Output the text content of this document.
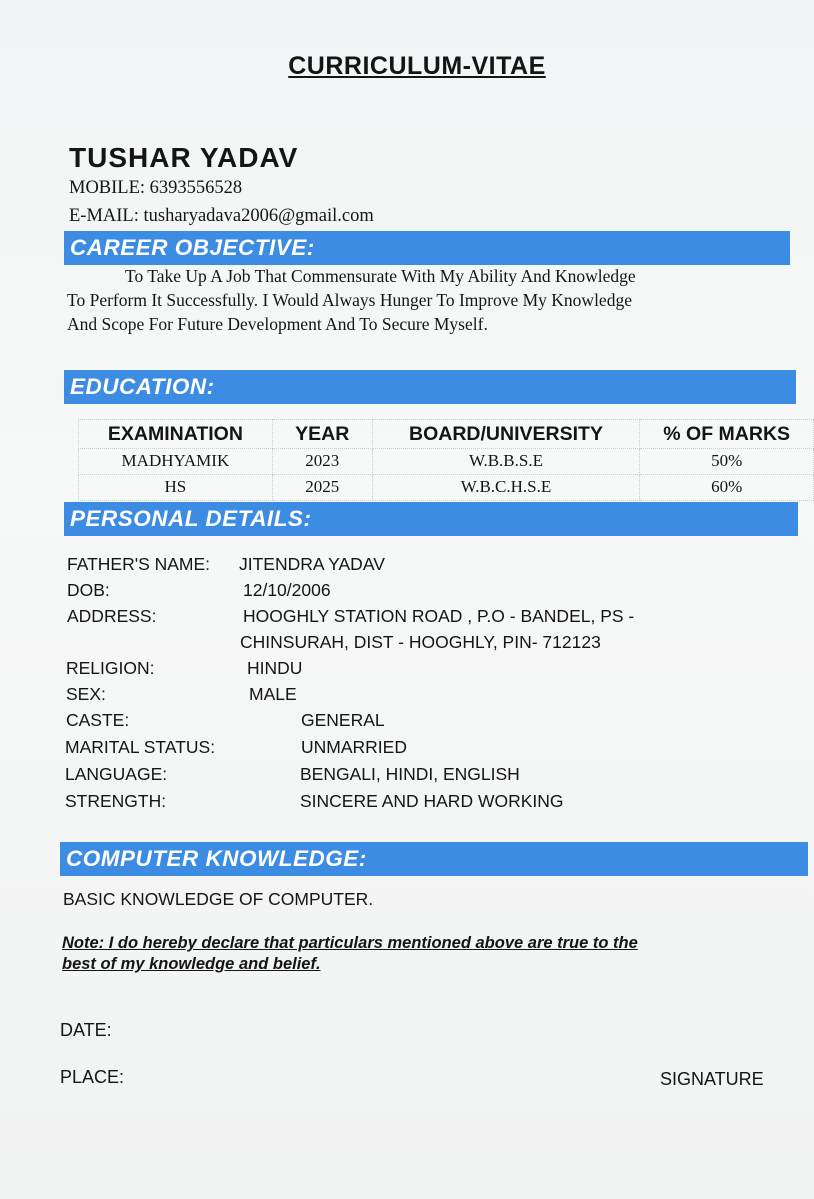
CURRICULUM-VITAE
TUSHAR YADAV
MOBILE: 6393556528
E-MAIL: tusharyadava2006@gmail.com
CAREER OBJECTIVE:

To Take Up A Job That Commensurate With My Ability And Knowledge

To Perform It Successfully. I Would Always Hunger To Improve My Knowledge

And Scope For Future Development And To Secure Myself.

EDUCATION:
EXAMINATION	YEAR	BOARD/UNIVERSITY	% OF MARKS
MADHYAMIK	2023	W.B.B.S.E	50%
HS	2025	W.B.C.H.S.E	60%
PERSONAL DETAILS:
FATHER'S NAME: JITENDRA YADAV
DOB:	12/10/2006
ADDRESS:	HOOGHLY STATION ROAD , P.O - BANDEL, PS -
CHINSURAH, DIST - HOOGHLY, PIN- 712123
RELIGION:	HINDU
SEX:	MALE
CASTE:	GENERAL
MARITAL STATUS:	UNMARRIED
LANGUAGE:	BENGALI, HINDI, ENGLISH
STRENGTH:	SINCERE AND HARD WORKING
COMPUTER KNOWLEDGE:
BASIC KNOWLEDGE OF COMPUTER.
Note: I do hereby declare that particulars mentioned above are true to the
best of my knowledge and belief.
DATE:
PLACE:	SIGNATURE
